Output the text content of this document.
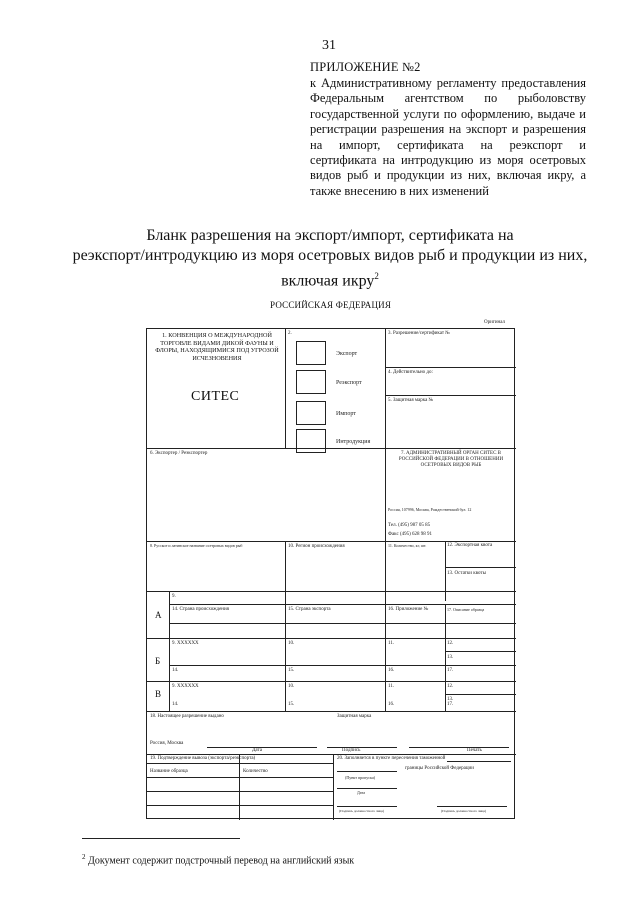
31
ПРИЛОЖЕНИЕ №2
к Административному регламенту предоставления Федеральным агентством по рыболовству государственной услуги по оформлению, выдаче и регистрации разрешения на экспорт и разрешения на импорт, сертификата на реэкспорт и сертификата на интродукцию из моря осетровых видов рыб и продукции из них, включая икру, а также внесению в них изменений
Бланк разрешения на экспорт/импорт, сертификата на
реэкспорт/интродукцию из моря осетровых видов рыб и продукции из них,
включая икру$^2$
РОССИЙСКАЯ ФЕДЕРАЦИЯ
Оригинал
1. КОНВЕНЦИЯ О МЕЖДУНАРОДНОЙ ТОРГОВЛЕ ВИДАМИ ДИКОЙ ФАУНЫ И ФЛОРЫ, НАХОДЯЩИМИСЯ ПОД УГРОЗОЙ ИСЧЕЗНОВЕНИЯ
СИТЕС
2.
Экспорт
Реэкспорт
Импорт
Интродукция
3. Разрешение/сертификат №
4. Действительно до:
5. Защитная марка №
6. Экспортер / Реэкспортер	7. АДМИНИСТРАТИВНЫЙ ОРГАН СИТЕС В РОССИЙСКОЙ ФЕДЕРАЦИИ В ОТНОШЕНИИ ОСЕТРОВЫХ ВИДОВ РЫБ
Россия, 107996, Москва, Рождественский бул. 12
Тел. (495) 987 05 85
Факс (495) 628 98 91
8. Русское и латинское название осетровых видов рыб	10. Регион происхождения	11. Количество, кг, шт.	12. Экспортная квота
13. Остатки квоты
9.
А
14. Страна происхождения	15. Страна экспорта	16. Приложение №	17. Описание образца
9. XXXXXX	10.	11.	12.
13.
Б
14.	15.	16.	17.
9. XXXXXX	10.	11.	12.
13.
В
14.	15.	16.	17.
18. Настоящее разрешение выдано	Защитная марка
Россия, Москва
Дата	Подпись	Печать
19. Подтверждение вывоза (экспорта/реэкспорта)
Название образца	Количество
20. Заполняется в пункте пересечения таможенной
границы Российской Федерации
(Пункт пропуска)
Дата
(Подпись должностного лица)	(Подпись должностного лица)
$^2$ Документ содержит подстрочный перевод на английский язык
